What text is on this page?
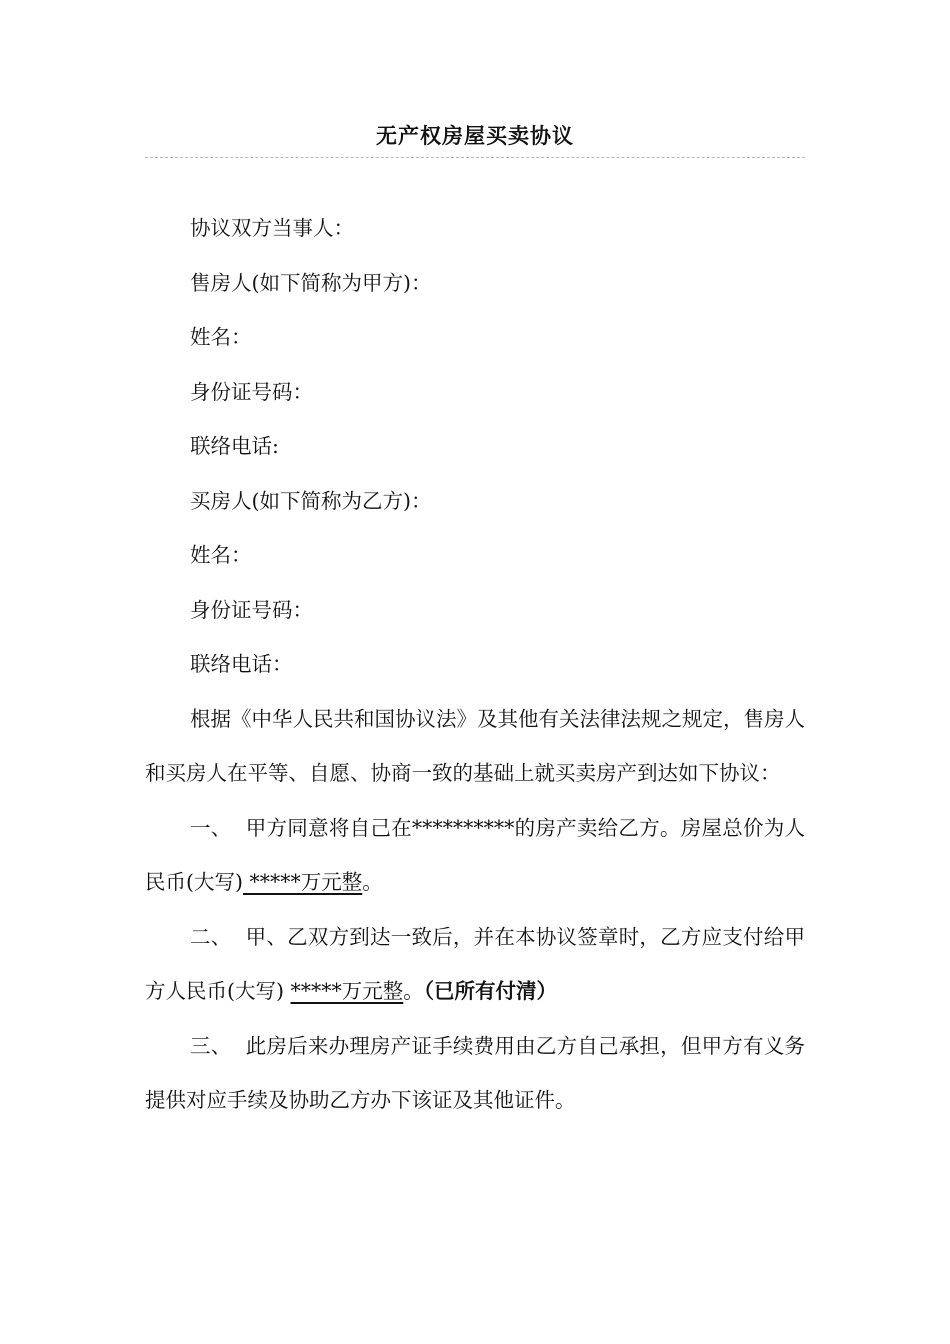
无产权房屋买卖协议

协议双方当事人：

售房人(如下简称为甲方)：

姓名：

身份证号码：

联络电话:

买房人(如下简称为乙方)：

姓名：

身份证号码：

联络电话：

根据《中华人民共和国协议法》及其他有关法律法规之规定，售房人和买房人在平等、自愿、协商一致的基础上就买卖房产到达如下协议：

一、 甲方同意将自己在**********的房产卖给乙方。房屋总价为人民币(大写) *****万元整。

二、 甲、乙双方到达一致后，并在本协议签章时，乙方应支付给甲方人民币(大写) *****万元整。（已所有付清）

三、 此房后来办理房产证手续费用由乙方自己承担，但甲方有义务提供对应手续及协助乙方办下该证及其他证件。
